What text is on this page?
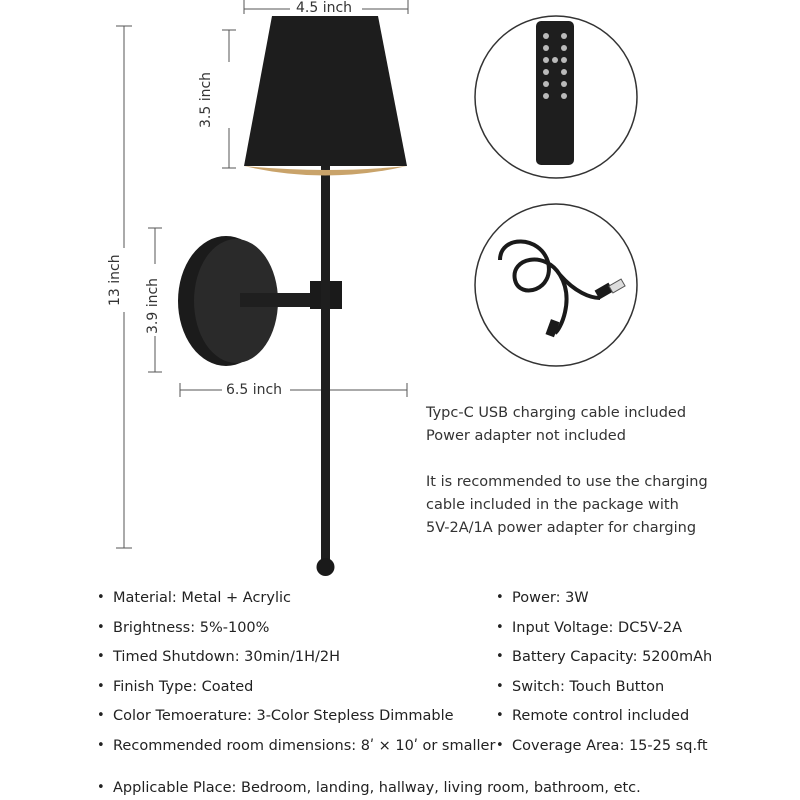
4.5 inch
3.5 inch
13 inch 3.9 inch
6.5 inch

Typc-C USB charging cable included

Power adapter not included

It is recommended to use the charging

cable included in the package with

5V-2A/1A power adapter for charging

• Material: Metal + Acrylic
• Brightness: 5%-100%
• Timed Shutdown: 30min/1H/2H
• Finish Type: Coated
• Color Temoerature: 3-Color Stepless Dimmable
• Recommended room dimensions: 8ʹ × 10ʹ or smaller
• Power: 3W
• Input Voltage: DC5V-2A
• Battery Capacity: 5200mAh
• Switch: Touch Button
• Remote control included
• Coverage Area: 15-25 sq.ft
• Applicable Place: Bedroom, landing, hallway, living room, bathroom, etc.
